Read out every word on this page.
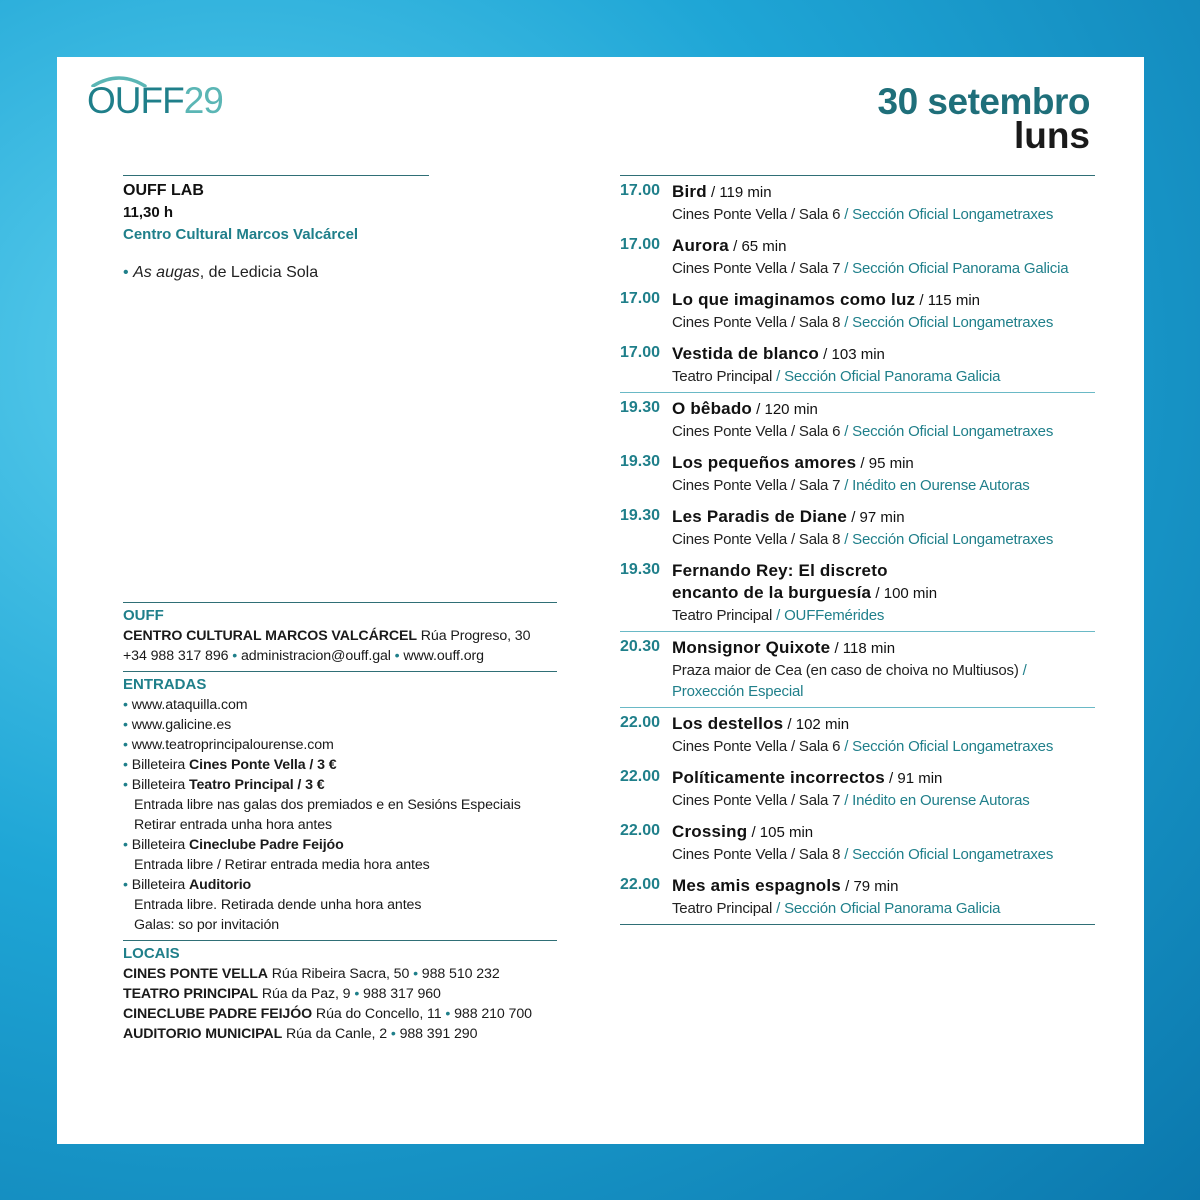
OUFF29	30 setembro
luns
OUFF LAB
11,30 h
Centro Cultural Marcos Valcárcel
• As augas, de Ledicia Sola
OUFF
CENTRO CULTURAL MARCOS VALCÁRCEL Rúa Progreso, 30
+34 988 317 896 • administracion@ouff.gal • www.ouff.org
ENTRADAS
• www.ataquilla.com
• www.galicine.es
• www.teatroprincipalourense.com
• Billeteira Cines Ponte Vella / 3 €
• Billeteira Teatro Principal / 3 €
Entrada libre nas galas dos premiados e en Sesións Especiais
Retirar entrada unha hora antes
• Billeteira Cineclube Padre Feijóo
Entrada libre / Retirar entrada media hora antes
• Billeteira Auditorio
Entrada libre. Retirada dende unha hora antes
Galas: so por invitación
LOCAIS
CINES PONTE VELLA Rúa Ribeira Sacra, 50 • 988 510 232
TEATRO PRINCIPAL Rúa da Paz, 9 • 988 317 960
CINECLUBE PADRE FEIJÓO Rúa do Concello, 11 • 988 210 700
AUDITORIO MUNICIPAL Rúa da Canle, 2 • 988 391 290
17.00 Bird / 119 min
Cines Ponte Vella / Sala 6 / Sección Oficial Longametraxes
17.00 Aurora / 65 min
Cines Ponte Vella / Sala 7 / Sección Oficial Panorama Galicia
17.00 Lo que imaginamos como luz / 115 min
Cines Ponte Vella / Sala 8 / Sección Oficial Longametraxes
17.00 Vestida de blanco / 103 min
Teatro Principal / Sección Oficial Panorama Galicia
19.30 O bêbado / 120 min
Cines Ponte Vella / Sala 6 / Sección Oficial Longametraxes
19.30 Los pequeños amores / 95 min
Cines Ponte Vella / Sala 7 / Inédito en Ourense Autoras
19.30 Les Paradis de Diane / 97 min
Cines Ponte Vella / Sala 8 / Sección Oficial Longametraxes
19.30 Fernando Rey: El discreto
encanto de la burguesía / 100 min
Teatro Principal / OUFFemérides
20.30 Monsignor Quixote / 118 min
Praza maior de Cea (en caso de choiva no Multiusos) /
Proxección Especial
22.00 Los destellos / 102 min
Cines Ponte Vella / Sala 6 / Sección Oficial Longametraxes
22.00 Políticamente incorrectos / 91 min
Cines Ponte Vella / Sala 7 / Inédito en Ourense Autoras
22.00 Crossing / 105 min
Cines Ponte Vella / Sala 8 / Sección Oficial Longametraxes
22.00 Mes amis espagnols / 79 min
Teatro Principal / Sección Oficial Panorama Galicia
